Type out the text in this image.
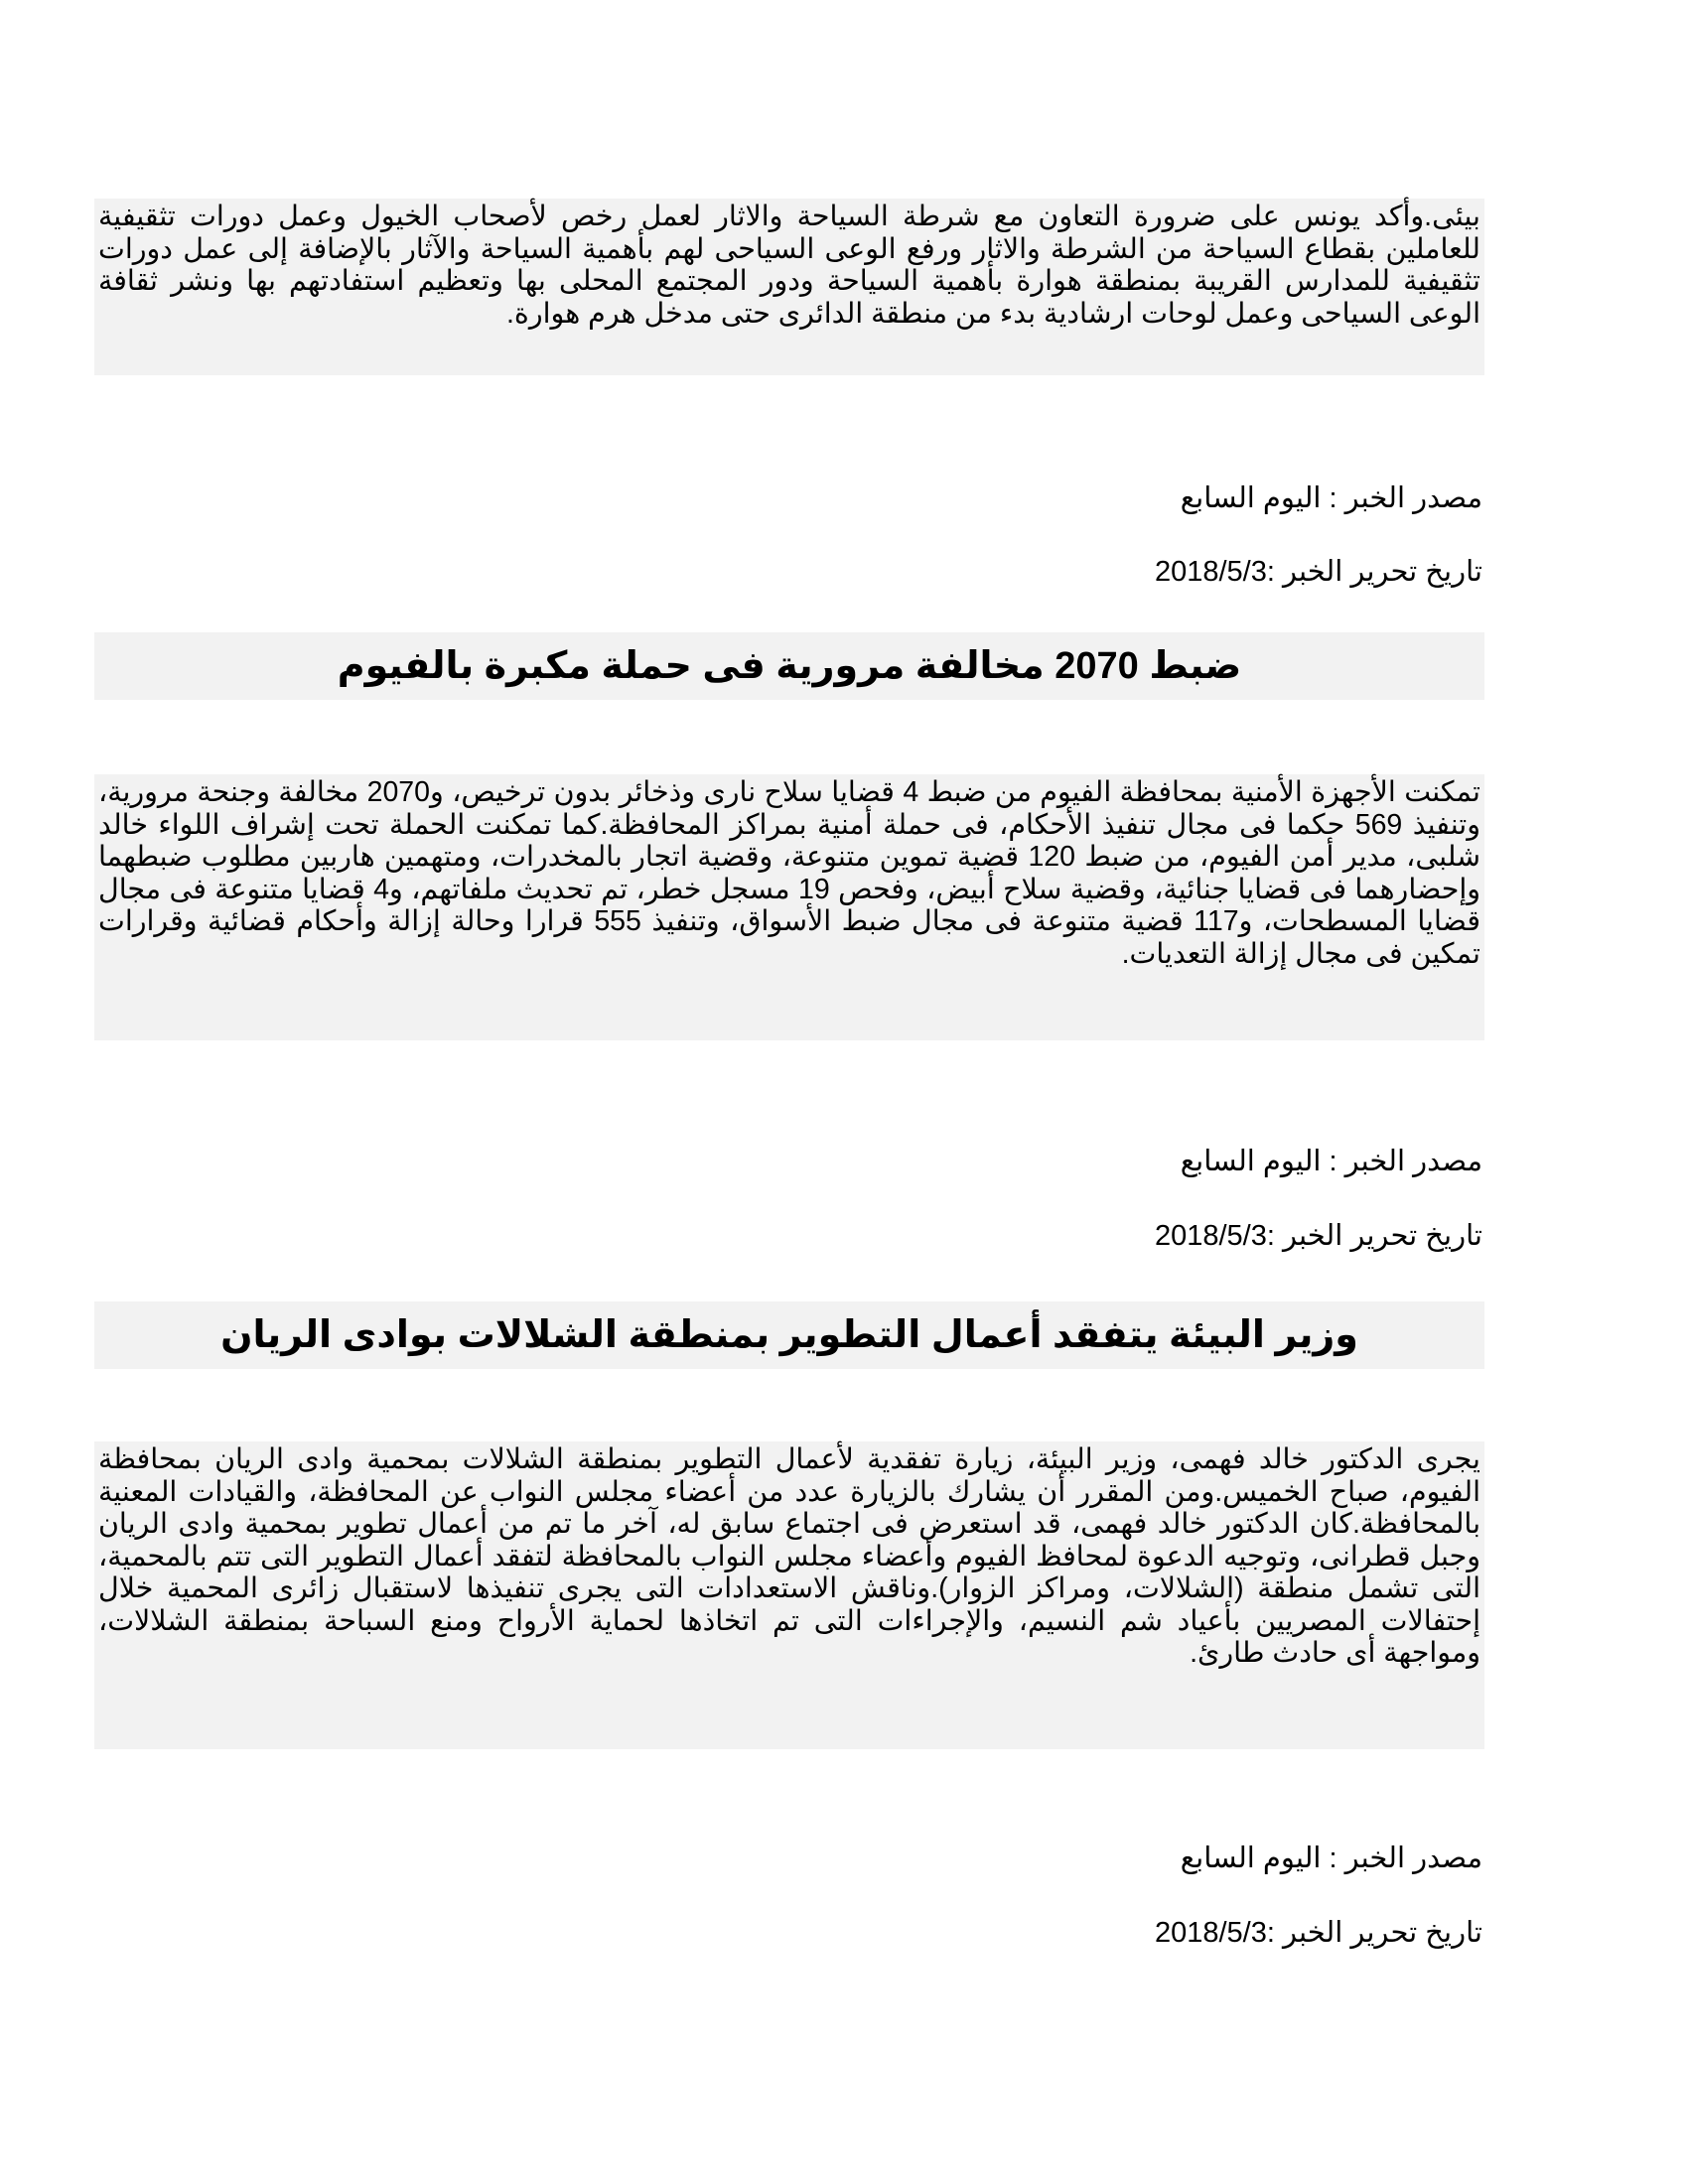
بيئى.وأكد يونس على ضرورة التعاون مع شرطة السياحة والاثار لعمل رخص لأصحاب الخيول وعمل دورات تثقيفية للعاملين بقطاع السياحة من الشرطة والاثار ورفع الوعى السياحى لهم بأهمية السياحة والآثار بالإضافة إلى عمل دورات تثقيفية للمدارس القريبة بمنطقة هوارة بأهمية السياحة ودور المجتمع المحلى بها وتعظيم استفادتهم بها ونشر ثقافة الوعى السياحى وعمل لوحات ارشادية بدء من منطقة الدائرى حتى مدخل هرم هوارة.

مصدر الخبر : اليوم السابع

تاريخ تحرير الخبر :2018/5/3

ضبط 2070 مخالفة مرورية فى حملة مكبرة بالفيوم

تمكنت الأجهزة الأمنية بمحافظة الفيوم من ضبط 4 قضايا سلاح نارى وذخائر بدون ترخيص، و2070 مخالفة وجنحة مرورية، وتنفيذ 569 حكما فى مجال تنفيذ الأحكام، فى حملة أمنية بمراكز المحافظة.كما تمكنت الحملة تحت إشراف اللواء خالد شلبى، مدير أمن الفيوم، من ضبط 120 قضية تموين متنوعة، وقضية اتجار بالمخدرات، ومتهمين هاربين مطلوب ضبطهما وإحضارهما فى قضايا جنائية، وقضية سلاح أبيض، وفحص 19 مسجل خطر، تم تحديث ملفاتهم، و4 قضايا متنوعة فى مجال قضايا المسطحات، و117 قضية متنوعة فى مجال ضبط الأسواق، وتنفيذ 555 قرارا وحالة إزالة وأحكام قضائية وقرارات تمكين فى مجال إزالة التعديات.

مصدر الخبر : اليوم السابع

تاريخ تحرير الخبر :2018/5/3

وزير البيئة يتفقد أعمال التطوير بمنطقة الشلالات بوادى الريان

يجرى الدكتور خالد فهمى، وزير البيئة، زيارة تفقدية لأعمال التطوير بمنطقة الشلالات بمحمية وادى الريان بمحافظة الفيوم، صباح الخميس.ومن المقرر أن يشارك بالزيارة عدد من أعضاء مجلس النواب عن المحافظة، والقيادات المعنية بالمحافظة.كان الدكتور خالد فهمى، قد استعرض فى اجتماع سابق له، آخر ما تم من أعمال تطوير بمحمية وادى الريان وجبل قطرانى، وتوجيه الدعوة لمحافظ الفيوم وأعضاء مجلس النواب بالمحافظة لتفقد أعمال التطوير التى تتم بالمحمية، التى تشمل منطقة (الشلالات، ومراكز الزوار).وناقش الاستعدادات التى يجرى تنفيذها لاستقبال زائرى المحمية خلال إحتفالات المصريين بأعياد شم النسيم، والإجراءات التى تم اتخاذها لحماية الأرواح ومنع السباحة بمنطقة الشلالات، ومواجهة أى حادث طارئ.

مصدر الخبر : اليوم السابع

تاريخ تحرير الخبر :2018/5/3
